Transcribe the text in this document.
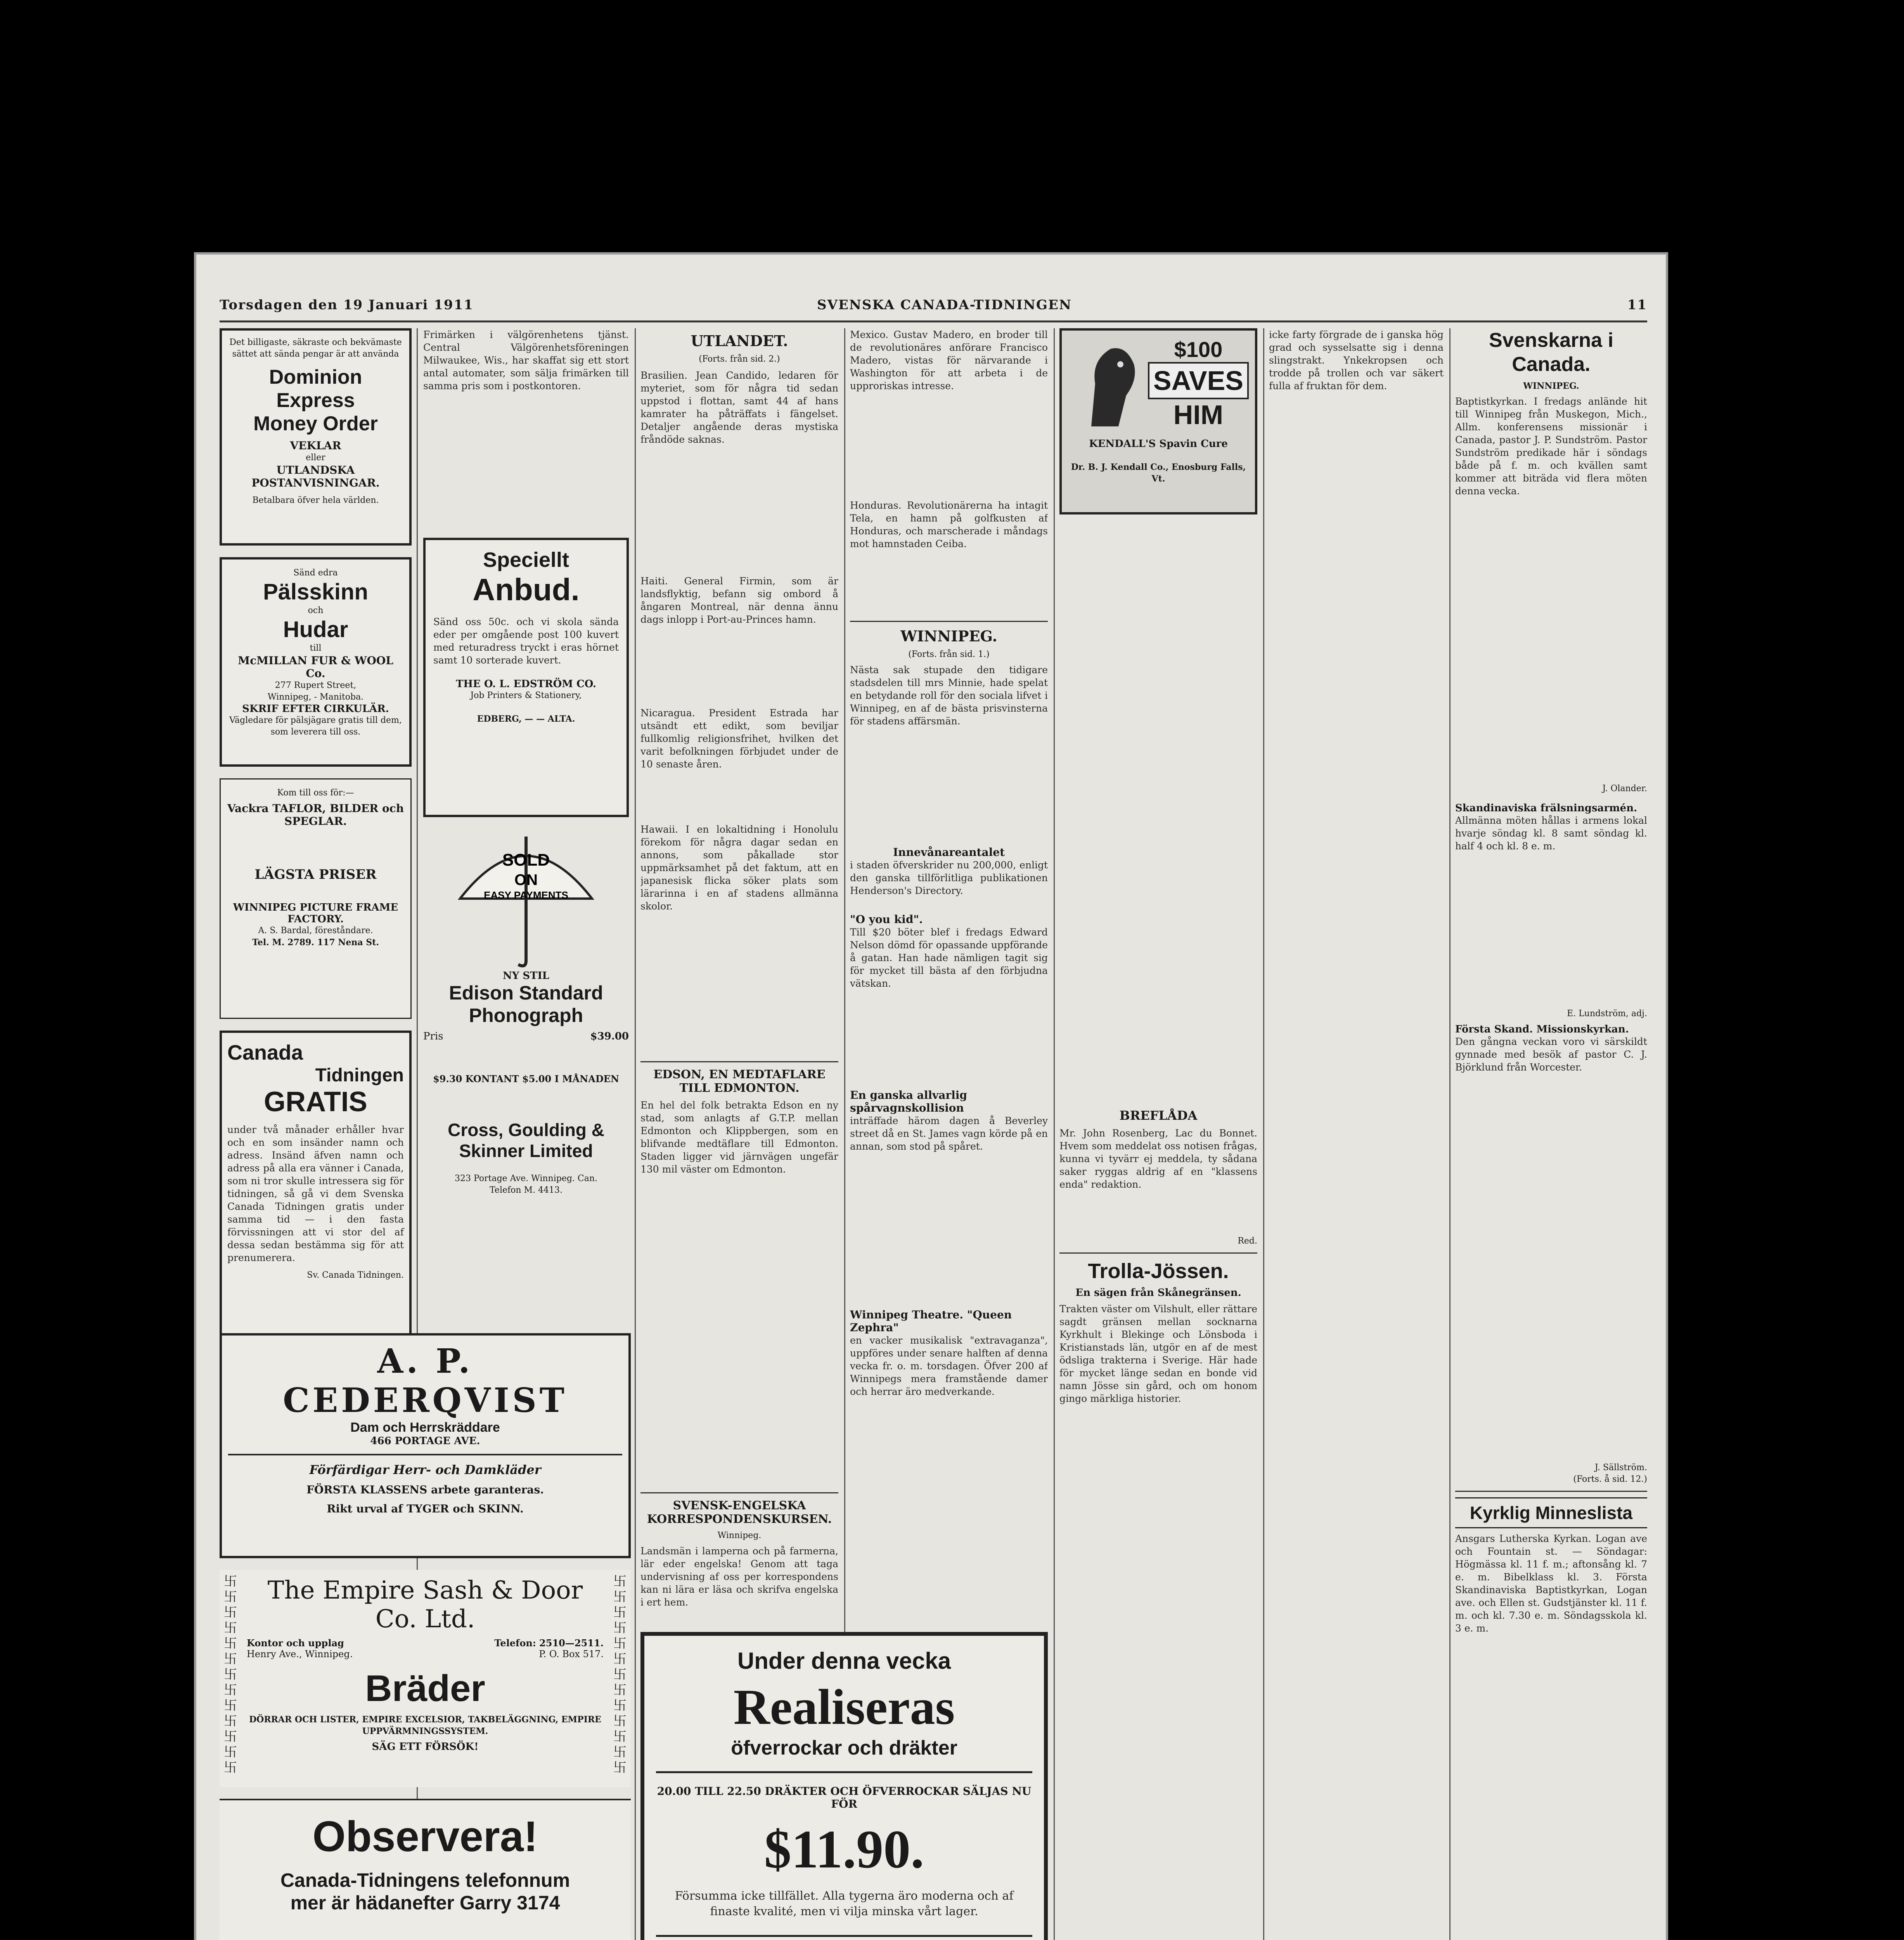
Torsdagen den 19 Januari 1911	SVENSKA CANADA-TIDNINGEN	11
Det billigaste, säkraste och bekvämaste sättet att sända pengar är att använda
Dominion Express
Money Order
VEKLAR
eller
UTLANDSKA POSTANVISNINGAR.
Betalbara öfver hela världen.
Sänd edra
Pälsskinn
och
Hudar
till
McMILLAN FUR & WOOL Co.
277 Rupert Street,
Winnipeg, - Manitoba.
SKRIF EFTER CIRKULÄR.
Vägledare för pälsjägare gratis till dem, som leverera till oss.
Kom till oss för:—
Vackra TAFLOR, BILDER och SPEGLAR.

LÄGSTA PRISER
WINNIPEG PICTURE FRAME FACTORY.
A. S. Bardal, föreståndare.
Tel. M. 2789. 117 Nena St.
Canada
Tidningen
GRATIS
under två månader erhåller hvar och en som insänder namn och adress. Insänd äfven namn och adress på alla era vänner i Canada, som ni tror skulle intressera sig för tidningen, så gå vi dem Svenska Canada Tidningen gratis under samma tid — i den fasta förvissningen att vi stor del af dessa sedan bestämma sig för att prenumerera.
Sv. Canada Tidningen.
Frimärken i välgörenhetens tjänst. Central Välgörenhetsföreningen Milwaukee, Wis., har skaffat sig ett stort antal automater, som sälja frimärken till samma pris som i postkontoren.
Speciellt
Anbud.
Sänd oss 50c. och vi skola sända eder per omgående post 100 kuvert med returadress tryckt i eras hörnet samt 10 sorterade kuvert.
THE O. L. EDSTRÖM CO.
Job Printers & Stationery,
EDBERG, — — ALTA.
SOLD
ON
EASY PAYMENTS
NY STIL
Edison Standard
Phonograph
Pris	$39.00
$9.30 KONTANT $5.00 I MÅNADEN
Cross, Goulding &
Skinner Limited
323 Portage Ave. Winnipeg. Can.
Telefon M. 4413.
A. P. CEDERQVIST
Dam och Herrskräddare
466 PORTAGE AVE.
Förfärdigar Herr- och Damkläder
FÖRSTA KLASSENS arbete garanteras.
Rikt urval af TYGER och SKINN.
卐
卐
卐
卐
卐
卐
卐
卐
卐
卐
卐
卐
卐
卐
卐
卐
卐
卐
卐
卐
卐
卐
卐
卐
卐
卐
The Empire Sash & Door Co. Ltd.
Kontor och upplag	Telefon: 2510—2511.
Henry Ave., Winnipeg.	P. O. Box 517.
Bräder
DÖRRAR OCH LISTER, EMPIRE EXCELSIOR, TAKBELÄGGNING, EMPIRE UPPVÄRMNINGSSYSTEM.
SÄG ETT FÖRSÖK!
Observera!
Canada-Tidningens telefonnum
mer är hädanefter Garry 3174
UTLANDET.
(Forts. från sid. 2.)
Brasilien. Jean Candido, ledaren för myteriet, som för några tid sedan uppstod i flottan, samt 44 af hans kamrater ha påträffats i fängelset. Detaljer angående deras mystiska fråndöde saknas.
Haiti. General Firmin, som är landsflyktig, befann sig ombord å ångaren Montreal, när denna ännu dags inlopp i Port-au-Princes hamn.
Nicaragua. President Estrada har utsändt ett edikt, som beviljar fullkomlig religionsfrihet, hvilken det varit befolkningen förbjudet under de 10 senaste åren.
Hawaii. I en lokaltidning i Honolulu förekom för några dagar sedan en annons, som påkallade stor uppmärksamhet på det faktum, att en japanesisk flicka söker plats som lärarinna i en af stadens allmänna skolor.
EDSON, EN MEDTAFLARE TILL EDMONTON.
En hel del folk betrakta Edson en ny stad, som anlagts af G.T.P. mellan Edmonton och Klippbergen, som en blifvande medtäflare till Edmonton. Staden ligger vid järnvägen ungefär 130 mil väster om Edmonton.
SVENSK-ENGELSKA KORRESPONDENSKURSEN.
Winnipeg.
Landsmän i lamperna och på farmerna, lär eder engelska! Genom att taga undervisning af oss per korrespondens kan ni lära er läsa och skrifva engelska i ert hem.
Mexico. Gustav Madero, en broder till de revolutionäres anförare Francisco Madero, vistas för närvarande i Washington för att arbeta i de upproriskas intresse.
Honduras. Revolutionärerna ha intagit Tela, en hamn på golfkusten af Honduras, och marscherade i måndags mot hamnstaden Ceiba.
WINNIPEG.
(Forts. från sid. 1.)
Nästa sak stupade den tidigare stadsdelen till mrs Minnie, hade spelat en betydande roll för den sociala lifvet i Winnipeg, en af de bästa prisvinsterna för stadens affärsmän.
Innevånareantalet
i staden öfverskrider nu 200,000, enligt den ganska tillförlitliga publikationen Henderson's Directory.
"O you kid".
Till $20 böter blef i fredags Edward Nelson dömd för opassande uppförande å gatan. Han hade nämligen tagit sig för mycket till bästa af den förbjudna vätskan.
En ganska allvarlig spårvagnskollision
inträffade härom dagen å Beverley street då en St. James vagn körde på en annan, som stod på spåret.
Winnipeg Theatre. "Queen Zephra"
en vacker musikalisk "extravaganza", uppföres under senare halften af denna vecka fr. o. m. torsdagen. Öfver 200 af Winnipegs mera framstående damer och herrar äro medverkande.
Under denna vecka
Realiseras
öfverrockar och dräkter
20.00 TILL 22.50 DRÄKTER OCH ÖFVERROCKAR SÄLJAS NU FÖR
$11.90.
Försumma icke tillfället. Alla tygerna äro moderna och af finaste kvalité, men vi vilja minska vårt lager.
$100
SAVES
HIM
KENDALL'S Spavin Cure
Dr. B. J. Kendall Co., Enosburg Falls, Vt.

BREFLÅDA
Mr. John Rosenberg, Lac du Bonnet. Hvem som meddelat oss notisen frågas, kunna vi tyvärr ej meddela, ty sådana saker ryggas aldrig af en "klassens enda" redaktion.
Red.
Trolla-Jössen.
En sägen från Skånegränsen.
Trakten väster om Vilshult, eller rättare sagdt gränsen mellan socknarna Kyrkhult i Blekinge och Lönsboda i Kristianstads län, utgör en af de mest ödsliga trakterna i Sverige. Här hade för mycket länge sedan en bonde vid namn Jösse sin gård, och om honom gingo märkliga historier.
icke farty förgrade de i ganska hög grad och sysselsatte sig i denna slingstrakt. Ynkekropsen och trodde på trollen och var säkert fulla af fruktan för dem.
Svenskarna i Canada.
WINNIPEG.
Baptistkyrkan. I fredags anlände hit till Winnipeg från Muskegon, Mich., Allm. konferensens missionär i Canada, pastor J. P. Sundström. Pastor Sundström predikade här i söndags både på f. m. och kvällen samt kommer att biträda vid flera möten denna vecka.
J. Olander.
Skandinaviska frälsningsarmén.
Allmänna möten hållas i armens lokal hvarje söndag kl. 8 samt söndag kl. half 4 och kl. 8 e. m.
E. Lundström, adj.
Första Skand. Missionskyrkan.
Den gångna veckan voro vi särskildt gynnade med besök af pastor C. J. Björklund från Worcester.
J. Sällström.
(Forts. å sid. 12.)
Kyrklig Minneslista
Ansgars Lutherska Kyrkan. Logan ave och Fountain st. — Söndagar: Högmässa kl. 11 f. m.; aftonsång kl. 7 e. m. Bibelklass kl. 3. Första Skandinaviska Baptistkyrkan, Logan ave. och Ellen st. Gudstjänster kl. 11 f. m. och kl. 7.30 e. m. Söndagsskola kl. 3 e. m.
